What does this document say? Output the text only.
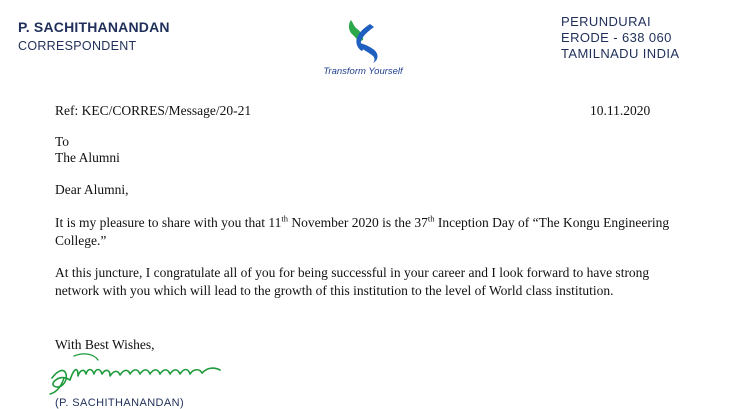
P. SACHITHANANDAN
CORRESPONDENT
Transform Yourself
PERUNDURAI
ERODE - 638 060
TAMILNADU INDIA
Ref: KEC/CORRES/Message/20-21	10.11.2020
To
The Alumni
Dear Alumni,
It is my pleasure to share with you that 11th November 2020 is the 37th Inception Day of “The Kongu Engineering College.”
At this juncture, I congratulate all of you for being successful in your career and I look forward to have strong network with you which will lead to the growth of this institution to the level of World class institution.
With Best Wishes,
(P. SACHITHANANDAN)
